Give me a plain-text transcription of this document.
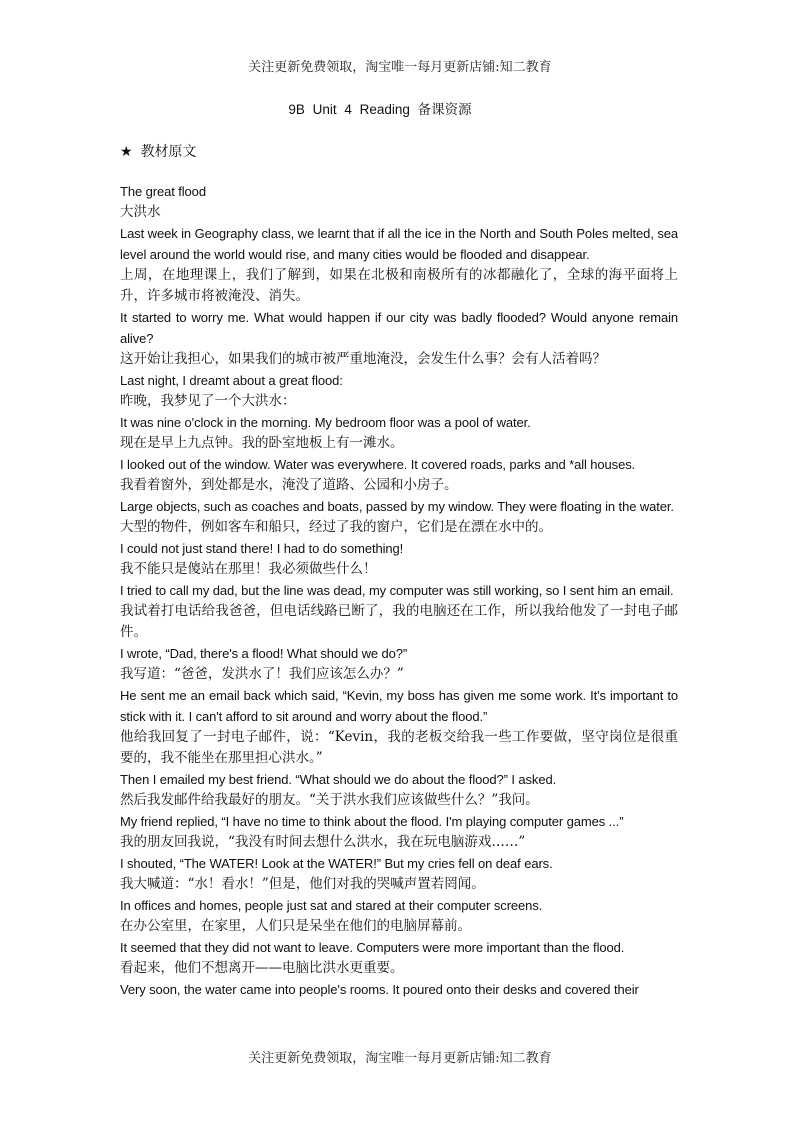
关注更新免费领取，淘宝唯一每月更新店铺:知二教育
9B Unit 4 Reading 备课资源
★ 教材原文

The great flood

大洪水

Last week in Geography class, we learnt that if all the ice in the North and South Poles melted, sea level around the world would rise, and many cities would be flooded and disappear.

上周，在地理课上，我们了解到，如果在北极和南极所有的冰都融化了，全球的海平面将上升，许多城市将被淹没、消失。

It started to worry me. What would happen if our city was badly flooded? Would anyone remain alive?

这开始让我担心，如果我们的城市被严重地淹没，会发生什么事？会有人活着吗？

Last night, I dreamt about a great flood:

昨晚，我梦见了一个大洪水：

It was nine o'clock in the morning. My bedroom floor was a pool of water.

现在是早上九点钟。我的卧室地板上有一滩水。

I looked out of the window. Water was everywhere. It covered roads, parks and *all houses.

我看着窗外，到处都是水，淹没了道路、公园和小房子。

Large objects, such as coaches and boats, passed by my window. They were floating in the water.

大型的物件，例如客车和船只，经过了我的窗户，它们是在漂在水中的。

I could not just stand there! I had to do something!

我不能只是傻站在那里！我必须做些什么！

I tried to call my dad, but the line was dead, my computer was still working, so I sent him an email.

我试着打电话给我爸爸，但电话线路已断了，我的电脑还在工作，所以我给他发了一封电子邮件。

I wrote, “Dad, there's a flood! What should we do?”

我写道：“爸爸，发洪水了！我们应该怎么办？”

He sent me an email back which said, “Kevin, my boss has given me some work. It's important to stick with it. I can't afford to sit around and worry about the flood.”

他给我回复了一封电子邮件，说：“Kevin，我的老板交给我一些工作要做，坚守岗位是很重要的，我不能坐在那里担心洪水。”

Then I emailed my best friend. “What should we do about the flood?” I asked.

然后我发邮件给我最好的朋友。“关于洪水我们应该做些什么？”我问。

My friend replied, “I have no time to think about the flood. I'm playing computer games ...”

我的朋友回我说，“我没有时间去想什么洪水，我在玩电脑游戏……”

I shouted, “The WATER! Look at the WATER!” But my cries fell on deaf ears.

我大喊道：“水！看水！”但是，他们对我的哭喊声置若罔闻。

In offices and homes, people just sat and stared at their computer screens.

在办公室里，在家里，人们只是呆坐在他们的电脑屏幕前。

It seemed that they did not want to leave. Computers were more important than the flood.

看起来，他们不想离开——电脑比洪水更重要。

Very soon, the water came into people's rooms. It poured onto their desks and covered their

关注更新免费领取，淘宝唯一每月更新店铺:知二教育
